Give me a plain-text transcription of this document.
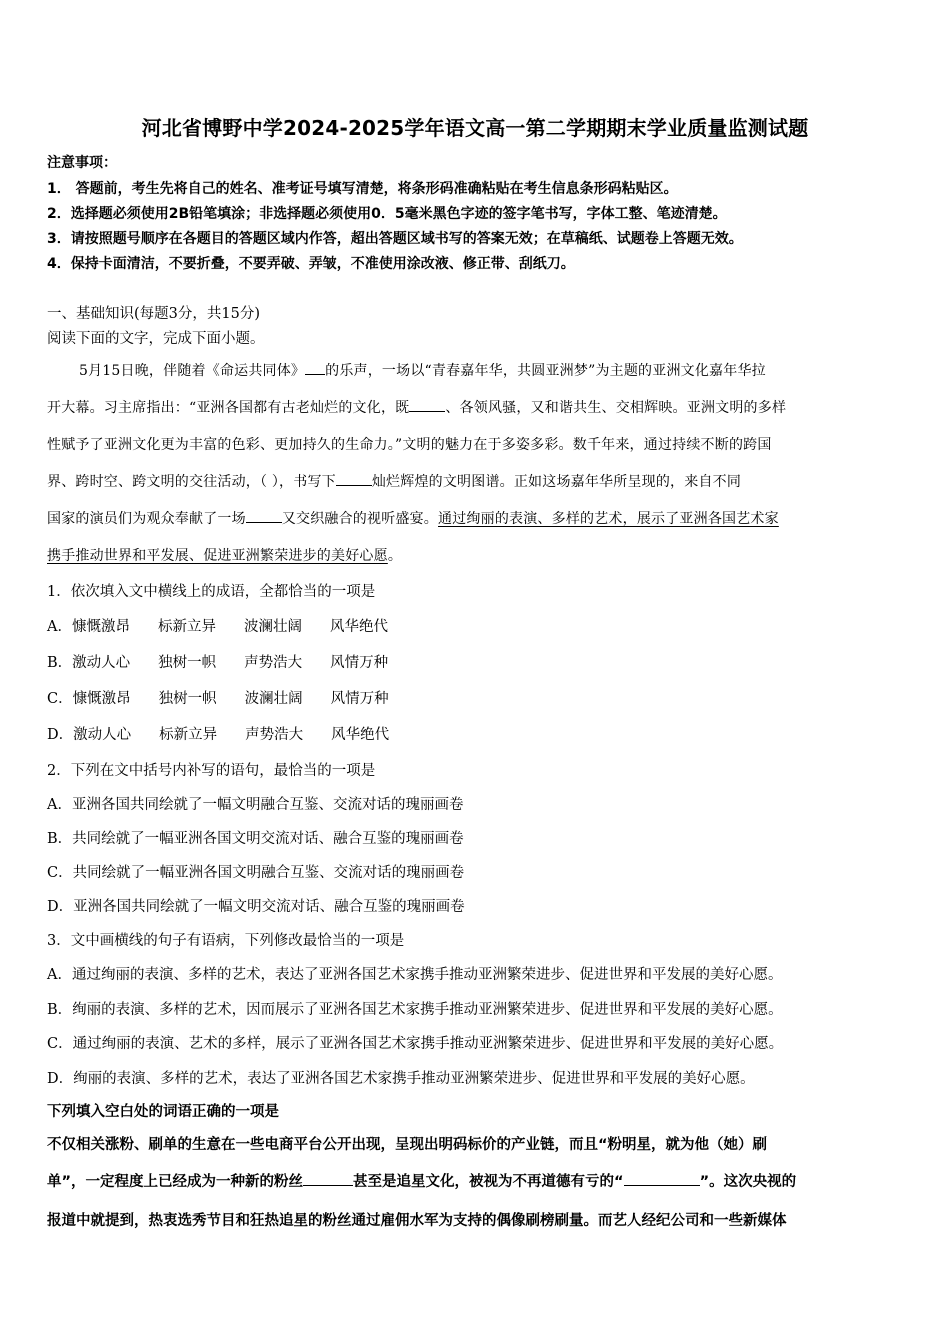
河北省博野中学2024-2025学年语文高一第二学期期末学业质量监测试题
注意事项：
1． 答题前，考生先将自己的姓名、准考证号填写清楚，将条形码准确粘贴在考生信息条形码粘贴区。
2．选择题必须使用2B铅笔填涂；非选择题必须使用0．5毫米黑色字迹的签字笔书写，字体工整、笔迹清楚。
3．请按照题号顺序在各题目的答题区域内作答，超出答题区域书写的答案无效；在草稿纸、试题卷上答题无效。
4．保持卡面清洁，不要折叠，不要弄破、弄皱，不准使用涂改液、修正带、刮纸刀。
一、基础知识(每题3分，共15分)
阅读下面的文字，完成下面小题。
5月15日晚，伴随着《命运共同体》 的乐声，一场以“青春嘉年华，共圆亚洲梦”为主题的亚洲文化嘉年华拉
开大幕。习主席指出：“亚洲各国都有古老灿烂的文化，既	、各领风骚，又和谐共生、交相辉映。亚洲文明的多样
性赋予了亚洲文化更为丰富的色彩、更加持久的生命力。”文明的魅力在于多姿多彩。数千年来，通过持续不断的跨国
界、跨时空、跨文明的交往活动，（ ），书写下	灿烂辉煌的文明图谱。正如这场嘉年华所呈现的，来自不同
国家的演员们为观众奉献了一场	又交织融合的视听盛宴。通过绚丽的表演、多样的艺术，展示了亚洲各国艺术家
携手推动世界和平发展、促进亚洲繁荣进步的美好心愿。
1．依次填入文中横线上的成语，全都恰当的一项是
A．慷慨激昂 标新立异 波澜壮阔 风华绝代
B．激动人心 独树一帜 声势浩大 风情万种
C．慷慨激昂 独树一帜 波澜壮阔 风情万种
D．激动人心 标新立异 声势浩大 风华绝代
2．下列在文中括号内补写的语句，最恰当的一项是
A．亚洲各国共同绘就了一幅文明融合互鉴、交流对话的瑰丽画卷
B．共同绘就了一幅亚洲各国文明交流对话、融合互鉴的瑰丽画卷
C．共同绘就了一幅亚洲各国文明融合互鉴、交流对话的瑰丽画卷
D．亚洲各国共同绘就了一幅文明交流对话、融合互鉴的瑰丽画卷
3．文中画横线的句子有语病，下列修改最恰当的一项是
A．通过绚丽的表演、多样的艺术，表达了亚洲各国艺术家携手推动亚洲繁荣进步、促进世界和平发展的美好心愿。
B．绚丽的表演、多样的艺术，因而展示了亚洲各国艺术家携手推动亚洲繁荣进步、促进世界和平发展的美好心愿。
C．通过绚丽的表演、艺术的多样，展示了亚洲各国艺术家携手推动亚洲繁荣进步、促进世界和平发展的美好心愿。
D．绚丽的表演、多样的艺术，表达了亚洲各国艺术家携手推动亚洲繁荣进步、促进世界和平发展的美好心愿。
下列填入空白处的词语正确的一项是
不仅相关涨粉、刷单的生意在一些电商平台公开出现，呈现出明码标价的产业链，而且“粉明星，就为他（她）刷
单”，一定程度上已经成为一种新的粉丝	甚至是追星文化，被视为不再道德有亏的“	”。这次央视的
报道中就提到，热衷选秀节目和狂热追星的粉丝通过雇佣水军为支持的偶像刷榜刷量。而艺人经纪公司和一些新媒体
